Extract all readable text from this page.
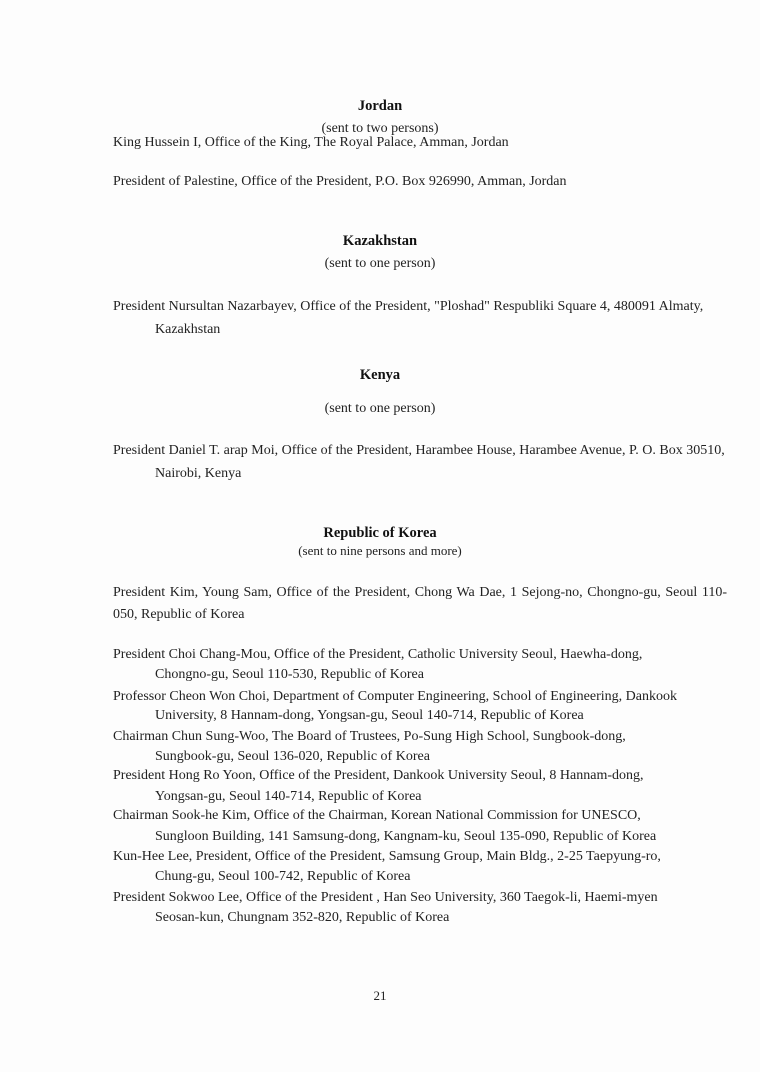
Jordan
(sent to two persons)
King Hussein I, Office of the King, The Royal Palace, Amman, Jordan
President of Palestine, Office of the President, P.O. Box 926990, Amman, Jordan
Kazakhstan
(sent to one person)
President Nursultan Nazarbayev, Office of the President, "Ploshad" Respubliki Square 4, 480091 Almaty,
Kazakhstan
Kenya
(sent to one person)
President Daniel T. arap Moi, Office of the President, Harambee House, Harambee Avenue, P. O. Box 30510,
Nairobi, Kenya
Republic of Korea
(sent to nine persons and more)
President Kim, Young Sam, Office of the President, Chong Wa Dae, 1 Sejong-no, Chongno-gu, Seoul 110-
050, Republic of Korea
President Choi Chang-Mou, Office of the President, Catholic University Seoul, Haewha-dong,
Chongno-gu, Seoul 110-530, Republic of Korea
Professor Cheon Won Choi, Department of Computer Engineering, School of Engineering, Dankook
University, 8 Hannam-dong, Yongsan-gu, Seoul 140-714, Republic of Korea
Chairman Chun Sung-Woo, The Board of Trustees, Po-Sung High School, Sungbook-dong,
Sungbook-gu, Seoul 136-020, Republic of Korea
President Hong Ro Yoon, Office of the President, Dankook University Seoul, 8 Hannam-dong,
Yongsan-gu, Seoul 140-714, Republic of Korea
Chairman Sook-he Kim, Office of the Chairman, Korean National Commission for UNESCO,
Sungloon Building, 141 Samsung-dong, Kangnam-ku, Seoul 135-090, Republic of Korea
Kun-Hee Lee, President, Office of the President, Samsung Group, Main Bldg., 2-25 Taepyung-ro,
Chung-gu, Seoul 100-742, Republic of Korea
President Sokwoo Lee, Office of the President , Han Seo University, 360 Taegok-li, Haemi-myen
Seosan-kun, Chungnam 352-820, Republic of Korea
21
